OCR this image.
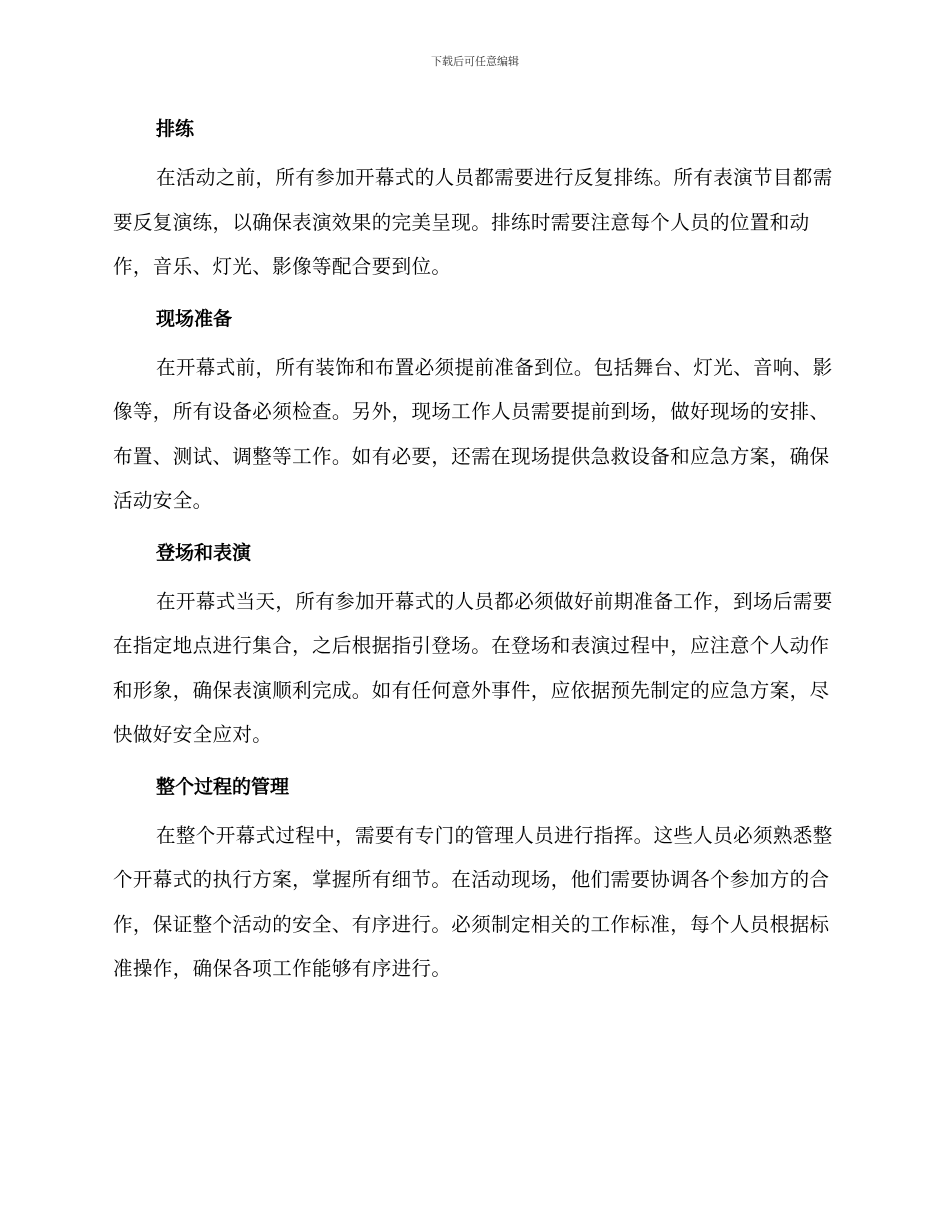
下载后可任意编辑
排练

在活动之前，所有参加开幕式的人员都需要进行反复排练。所有表演节目都需要反复演练，以确保表演效果的完美呈现。排练时需要注意每个人员的位置和动作，音乐、灯光、影像等配合要到位。

现场准备

在开幕式前，所有装饰和布置必须提前准备到位。包括舞台、灯光、音响、影像等，所有设备必须检查。另外，现场工作人员需要提前到场，做好现场的安排、布置、测试、调整等工作。如有必要，还需在现场提供急救设备和应急方案，确保活动安全。

登场和表演

在开幕式当天，所有参加开幕式的人员都必须做好前期准备工作，到场后需要在指定地点进行集合，之后根据指引登场。在登场和表演过程中，应注意个人动作和形象，确保表演顺利完成。如有任何意外事件，应依据预先制定的应急方案，尽快做好安全应对。

整个过程的管理

在整个开幕式过程中，需要有专门的管理人员进行指挥。这些人员必须熟悉整个开幕式的执行方案，掌握所有细节。在活动现场，他们需要协调各个参加方的合作，保证整个活动的安全、有序进行。必须制定相关的工作标准，每个人员根据标准操作，确保各项工作能够有序进行。
